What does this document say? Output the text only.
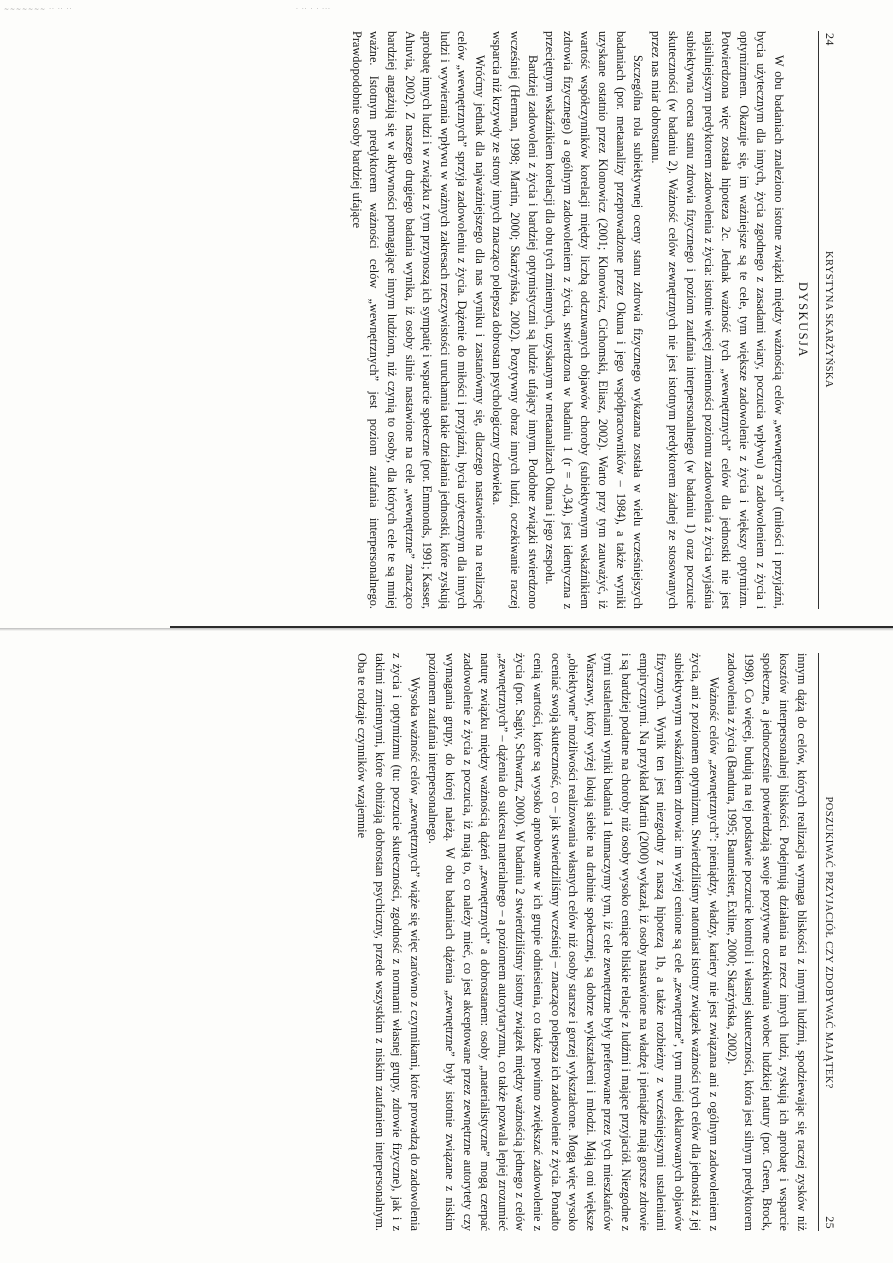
~~~~~~~ ·· ·· ··	· ·· · · ···
24
KRYSTYNA SKARŻYŃSKA
DYSKUSJA

W obu badaniach znaleziono istotne związki między ważnością celów „wewnętrznych” (miłości i przyjaźni, bycia użytecznym dla innych, życia zgodnego z zasadami wiary, poczucia wpływu) a zadowoleniem z życia i optymizmem. Okazuje się, im ważniejsze są te cele, tym większe zadowolenie z życia i większy optymizm. Potwierdzona więc została hipoteza 2c. Jednak ważność tych „wewnętrznych” celów dla jednostki nie jest najsilniejszym predyktorem zadowolenia z życia: istotnie więcej zmienności poziomu zadowolenia z życia wyjaśnia subiektywna ocena stanu zdrowia fizycznego i poziom zaufania interpersonalnego (w badaniu 1) oraz poczucie skuteczności (w badaniu 2). Ważność celów zewnętrznych nie jest istotnym predyktorem żadnej ze stosowanych przez nas miar dobrostanu.

Szczególna rola subiektywnej oceny stanu zdrowia fizycznego wykazana została w wielu wcześniejszych badaniach (por. metaanalizy przeprowadzone przez Okuna i jego współpracowników – 1984), a także wyniki uzyskane ostatnio przez Klonowicz (2001; Klonowicz, Cichomski, Eliasz, 2002). Warto przy tym zauważyć, iż wartość współczynników korelacji między liczbą odczuwanych objawów choroby (subiektywnym wskaźnikiem zdrowia fizycznego) a ogólnym zadowoleniem z życia, stwierdzona w badaniu 1 (r = -0,34), jest identyczna z przeciętnym wskaźnikiem korelacji dla obu tych zmiennych, uzyskanym w metaanalizach Okuna i jego zespołu.

Bardziej zadowoleni z życia i bardziej optymistyczni są ludzie ufający innym. Podobne związki stwierdzono wcześniej (Herman, 1998; Martin, 2000; Skarżyńska, 2002). Pozytywny obraz innych ludzi, oczekiwanie raczej wsparcia niż krzywdy ze strony innych znacząco polepsza dobrostan psychologiczny człowieka.

Wróćmy jednak dla najważniejszego dla nas wyniku i zastanówmy się, dlaczego nastawienie na realizację celów „wewnętrznych” sprzyja zadowoleniu z życia. Dążenie do miłości i przyjaźni, bycia użytecznym dla innych ludzi i wywierania wpływu w ważnych zakresach rzeczywistości uruchamia takie działania jednostki, które zyskują aprobatę innych ludzi i w związku z tym przynoszą ich sympatię i wsparcie społeczne (por. Emmonds, 1991; Kasser, Ahuvia, 2002). Z naszego drugiego badania wynika, iż osoby silnie nastawione na cele „wewnętrzne” znacząco bardziej angażują się w aktywności pomagające innym ludziom, niż czynią to osoby, dla których cele te są mniej ważne. Istotnym predyktorem ważności celów „wewnętrznych” jest poziom zaufania interpersonalnego. Prawdopodobnie osoby bardziej ufające

POSZUKIWAĆ PRZYJACIÓŁ CZY ZDOBYWAĆ MAJĄTEK?
25

innym dążą do celów, których realizacja wymaga bliskości z innymi ludźmi, spodziewając się raczej zysków niż kosztów interpersonalnej bliskości. Podejmują działania na rzecz innych ludzi, zyskują ich aprobatę i wsparcie społeczne, a jednocześnie potwierdzają swoje pozytywne oczekiwania wobec ludzkiej natury (por. Green, Brock, 1998). Co więcej, budują na tej podstawie poczucie kontroli i własnej skuteczności, która jest silnym predyktorem zadowolenia z życia (Bandura, 1995; Baumeister, Exline, 2000; Skarżyńska, 2002).

Ważność celów „zewnętrznych”: pieniądzy, władzy, kariery nie jest związana ani z ogólnym zadowoleniem z życia, ani z poziomem optymizmu. Stwierdziliśmy natomiast istotny związek ważności tych celów dla jednostki z jej subiektywnym wskaźnikiem zdrowia: im wyżej cenione są cele „zewnętrzne”, tym mniej deklarowanych objawów fizycznych. Wynik ten jest niezgodny z naszą hipotezą 1b, a także rozbieżny z wcześniejszymi ustaleniami empirycznymi. Na przykład Martin (2000) wykazał, iż osoby nastawione na władzę i pieniądze mają gorsze zdrowie i są bardziej podatne na choroby niż osoby wysoko ceniące bliskie relacje z ludźmi i mające przyjaciół. Niezgodne z tymi ustaleniami wyniki badania 1 tłumaczymy tym, iż cele zewnętrzne były preferowane przez tych mieszkańców Warszawy, który wyżej lokują siebie na drabinie społecznej, są dobrze wykształceni i młodzi. Mają oni większe „obiektywne” możliwości realizowania własnych celów niż osoby starsze i gorzej wykształcone. Mogą więc wysoko oceniać swoją skuteczność, co – jak stwierdziliśmy wcześniej – znacząco polepsza ich zadowolenie z życia. Ponadto cenią wartości, które są wysoko aprobowane w ich grupie odniesienia, co także powinno zwiększać zadowolenie z życia (por. Sagiv, Schwartz, 2000). W badaniu 2 stwierdziliśmy istotny związek między ważnością jednego z celów „zewnętrznych” – dążenia do sukcesu materialnego – a poziomem autorytaryzmu, co także pozwala lepiej zrozumieć naturę związku między ważnością dążeń „zewnętrznych” a dobrostanem: osoby „materialistyczne” mogą czerpać zadowolenie z życia z poczucia, iż mają to, co należy mieć, co jest akceptowane przez zewnętrzne autorytety czy wymagania grupy, do której należą. W obu badaniach dążenia „zewnętrzne” były istotnie związane z niskim poziomem zaufania interpersonalnego.

Wysoka ważność celów „zewnętrznych” wiąże się więc zarówno z czynnikami, które prowadzą do zadowolenia z życia i optymizmu (tu: poczucie skuteczności, zgodność z normami własnej grupy, zdrowie fizyczne), jak i z takimi zmiennymi, które obniżają dobrostan psychiczny, przede wszystkim z niskim zaufaniem interpersonalnym. Oba te rodzaje czynników wzajemnie
